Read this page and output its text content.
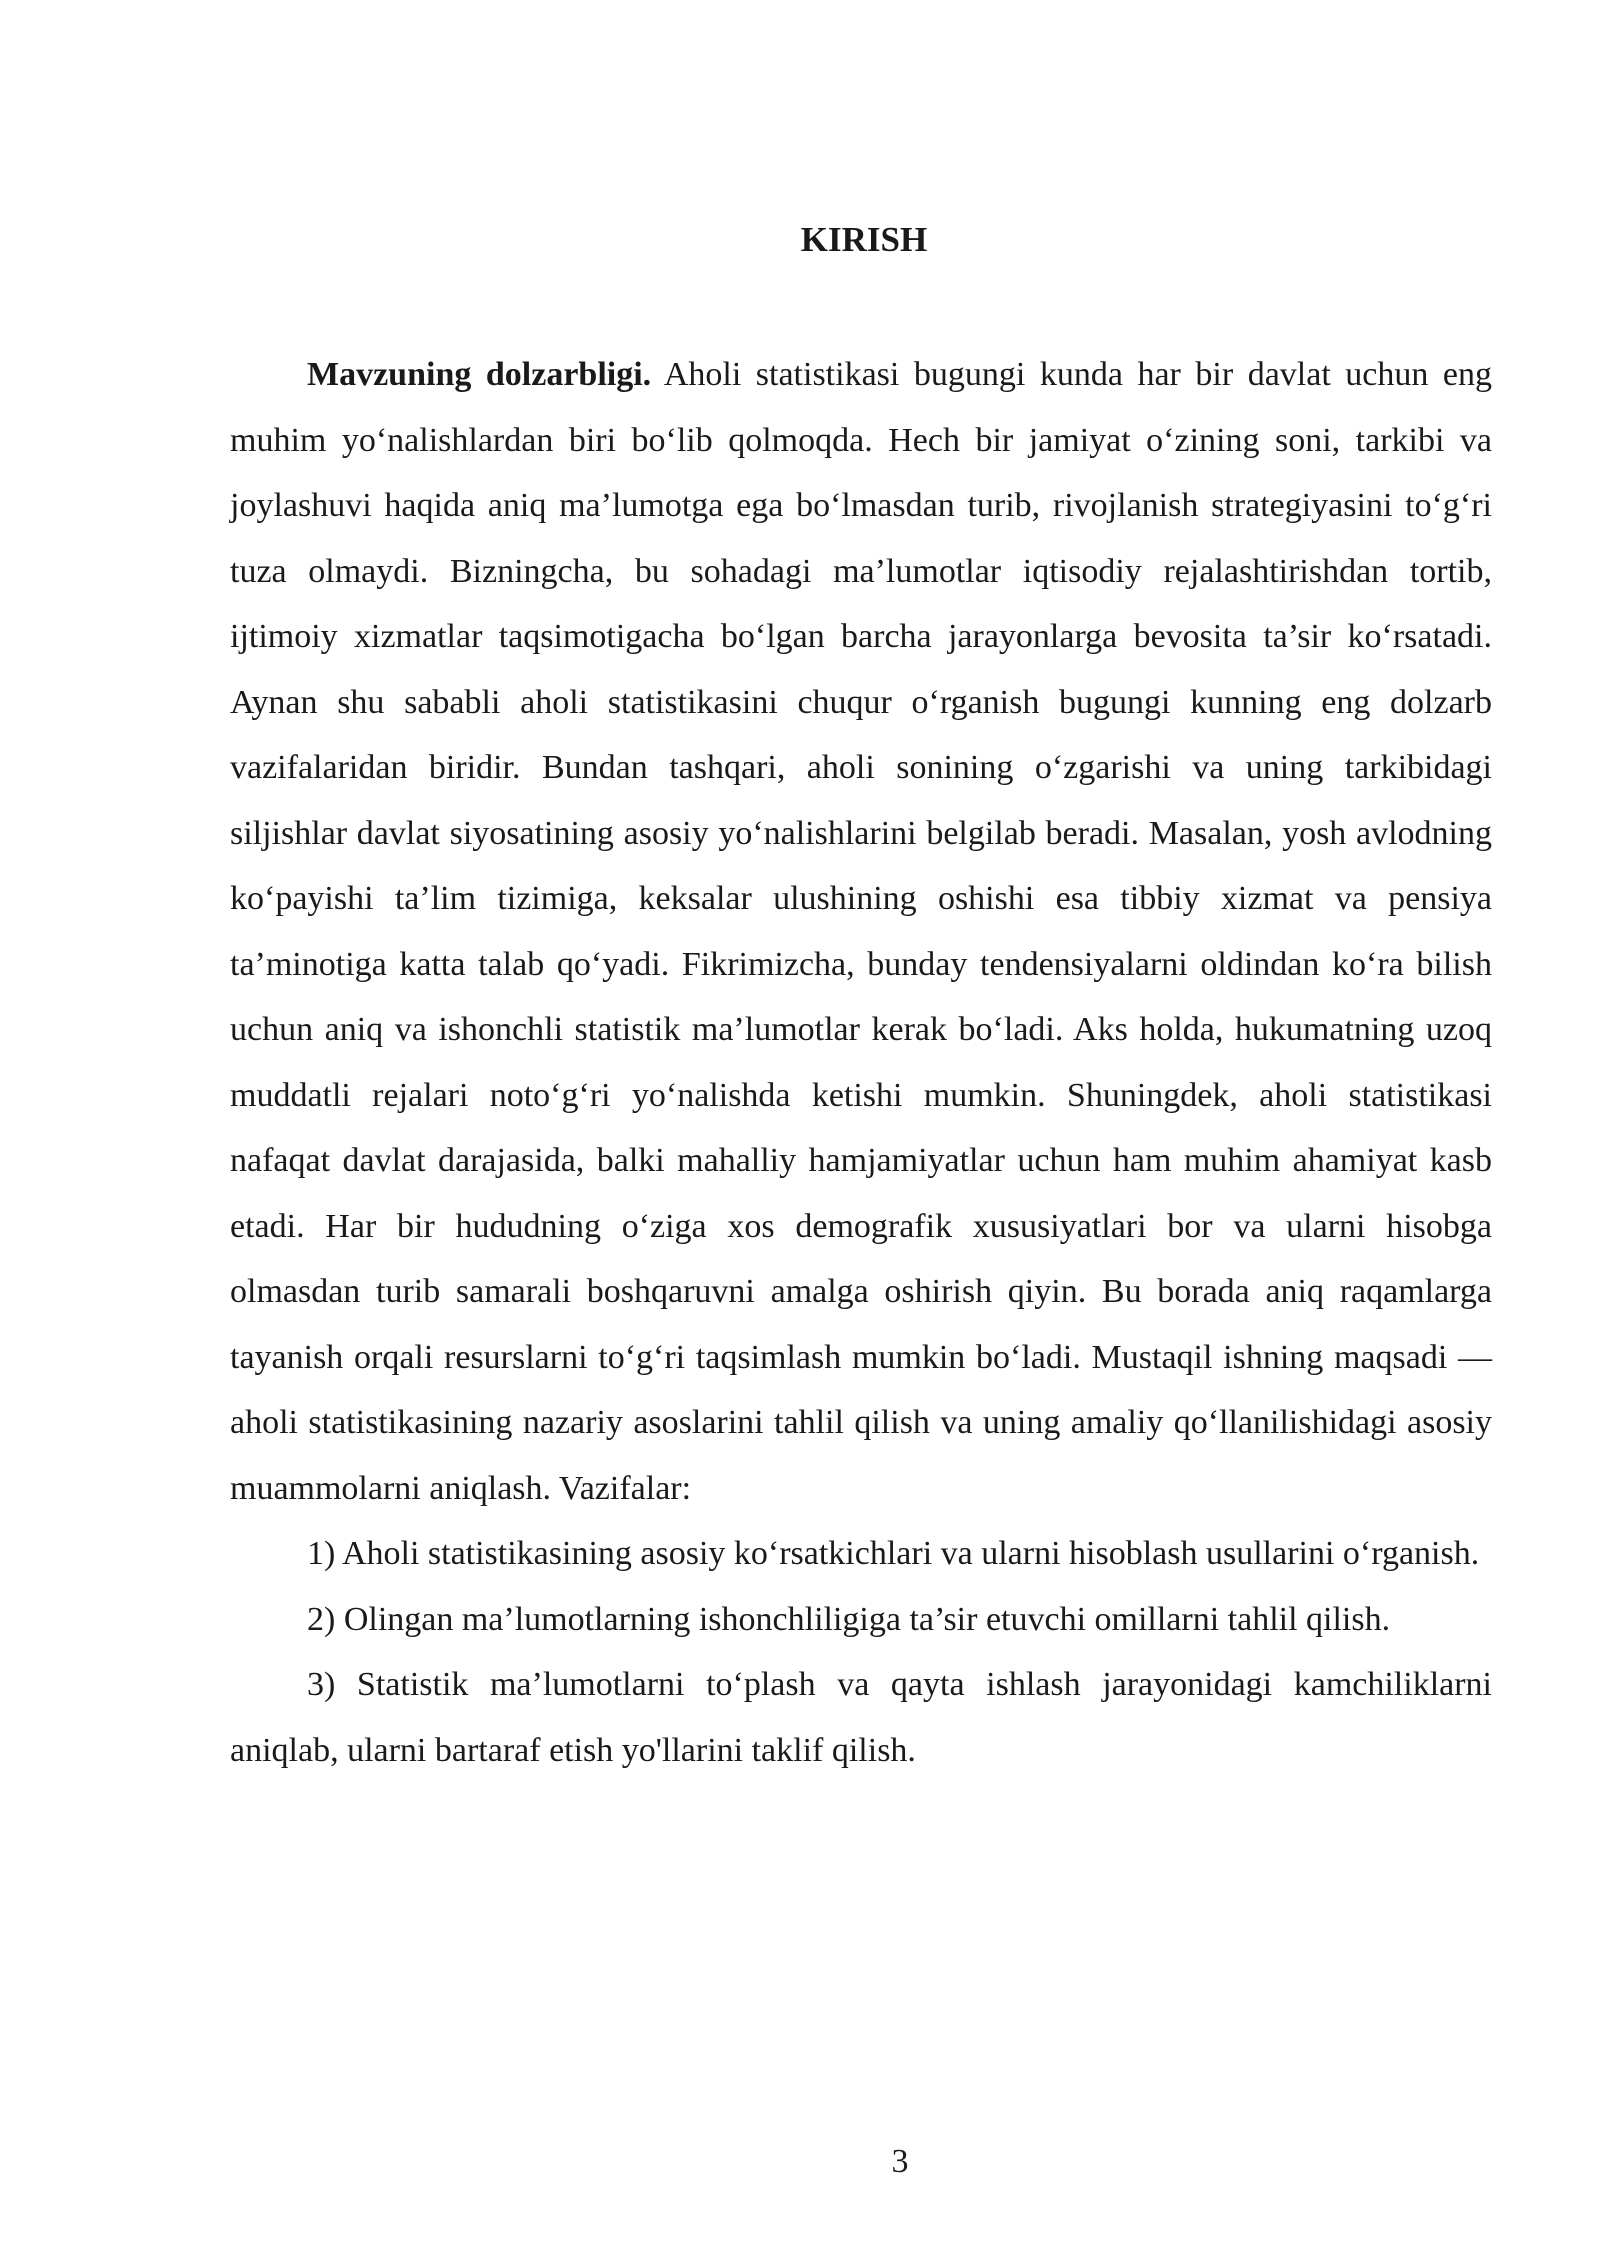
KIRISH

Mavzuning dolzarbligi. Aholi statistikasi bugungi kunda har bir davlat uchun eng muhim yo‘nalishlardan biri bo‘lib qolmoqda. Hech bir jamiyat o‘zining soni, tarkibi va joylashuvi haqida aniq ma’lumotga ega bo‘lmasdan turib, rivojlanish strategiyasini to‘g‘ri tuza olmaydi. Bizningcha, bu sohadagi ma’lumotlar iqtisodiy rejalashtirishdan tortib, ijtimoiy xizmatlar taqsimotigacha bo‘lgan barcha jarayonlarga bevosita ta’sir ko‘rsatadi. Aynan shu sababli aholi statistikasini chuqur o‘rganish bugungi kunning eng dolzarb vazifalaridan biridir. Bundan tashqari, aholi sonining o‘zgarishi va uning tarkibidagi siljishlar davlat siyosatining asosiy yo‘nalishlarini belgilab beradi. Masalan, yosh avlodning ko‘payishi ta’lim tizimiga, keksalar ulushining oshishi esa tibbiy xizmat va pensiya ta’minotiga katta talab qo‘yadi. Fikrimizcha, bunday tendensiyalarni oldindan ko‘ra bilish uchun aniq va ishonchli statistik ma’lumotlar kerak bo‘ladi. Aks holda, hukumatning uzoq muddatli rejalari noto‘g‘ri yo‘nalishda ketishi mumkin. Shuningdek, aholi statistikasi nafaqat davlat darajasida, balki mahalliy hamjamiyatlar uchun ham muhim ahamiyat kasb etadi. Har bir hududning o‘ziga xos demografik xususiyatlari bor va ularni hisobga olmasdan turib samarali boshqaruvni amalga oshirish qiyin. Bu borada aniq raqamlarga tayanish orqali resurslarni to‘g‘ri taqsimlash mumkin bo‘ladi. Mustaqil ishning maqsadi — aholi statistikasining nazariy asoslarini tahlil qilish va uning amaliy qo‘llanilishidagi asosiy muammolarni aniqlash. Vazifalar:

1) Aholi statistikasining asosiy ko‘rsatkichlari va ularni hisoblash usullarini o‘rganish.

2) Olingan ma’lumotlarning ishonchliligiga ta’sir etuvchi omillarni tahlil qilish.

3) Statistik ma’lumotlarni to‘plash va qayta ishlash jarayonidagi kamchiliklarni aniqlab, ularni bartaraf etish yo'llarini taklif qilish.

3
